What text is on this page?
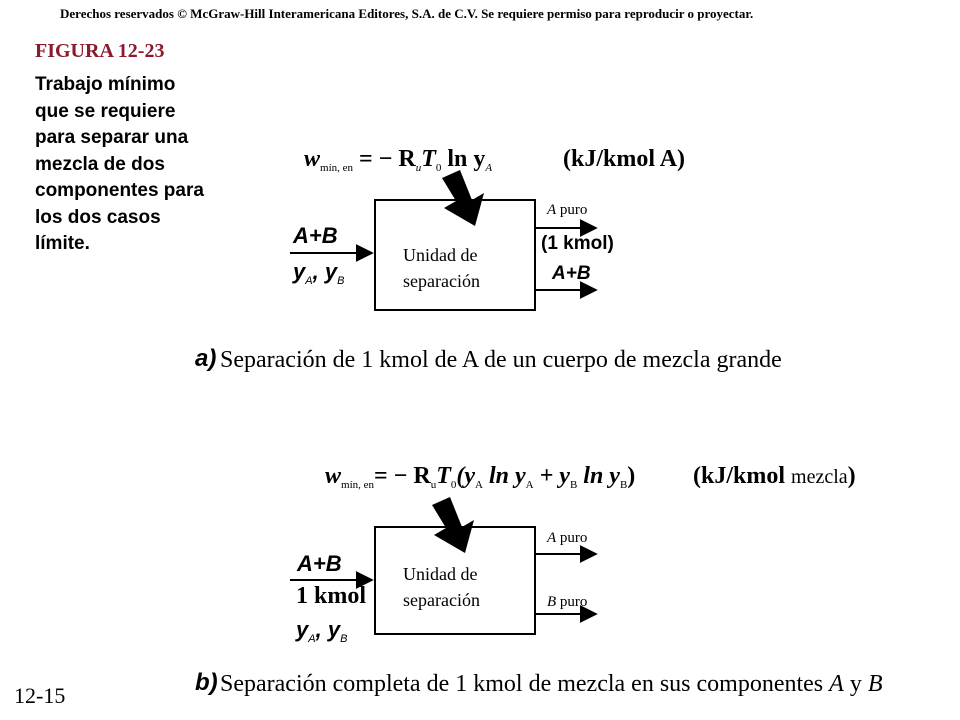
Derechos reservados © McGraw-Hill Interamericana Editores, S.A. de C.V. Se requiere permiso para reproducir o proyectar.
FIGURA 12-23
Trabajo mínimo que se requiere para separar una mezcla de dos componentes para los dos casos límite.
$w_{mín, en}$ = − $R_uT_0$ $\ln y_A$	(kJ/kmol A)
A+B
$y_A$, $y_B$
Unidad de separación
A puro
(1 kmol)
A+B
a) Separación de 1 kmol de A de un cuerpo de mezcla grande
$w_{mín, en}= - R_uT_0(y_A$ $\ln y_A + y_B$ $\ln y_B$) (kJ/kmol mezcla)
A+B
1 kmol
$y_A$, $y_B$
Unidad de separación
A puro
B puro
b) Separación completa de 1 kmol de mezcla en sus componentes A y B
12-15
